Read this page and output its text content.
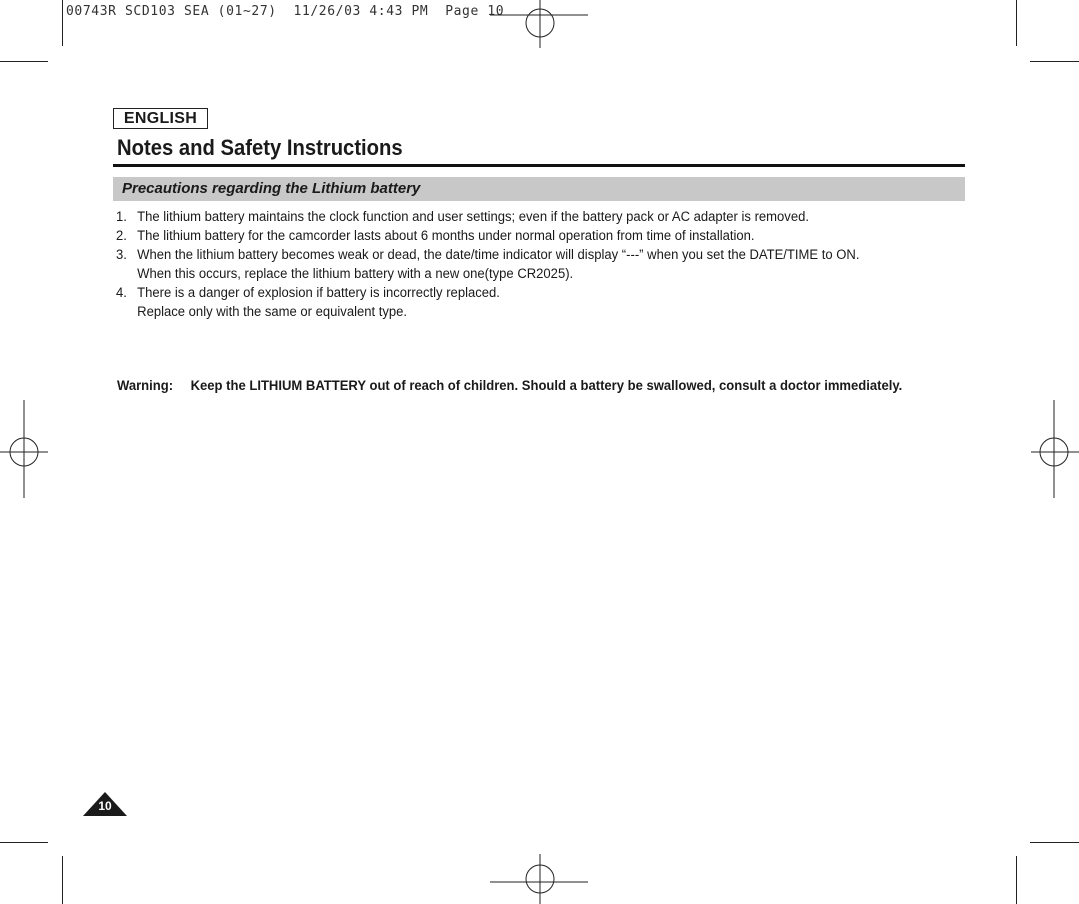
00743R SCD103 SEA (01~27)  11/26/03 4:43 PM  Page 10
ENGLISH
Notes and Safety Instructions
Precautions regarding the Lithium battery
1. The lithium battery maintains the clock function and user settings; even if the battery pack or AC adapter is removed.
2. The lithium battery for the camcorder lasts about 6 months under normal operation from time of installation.
3. When the lithium battery becomes weak or dead, the date/time indicator will display “---” when you set the DATE/TIME to ON.
When this occurs, replace the lithium battery with a new one(type CR2025).
4. There is a danger of explosion if battery is incorrectly replaced.
Replace only with the same or equivalent type.
Warning:	Keep the LITHIUM BATTERY out of reach of children. Should a battery be swallowed, consult a doctor immediately.
10
